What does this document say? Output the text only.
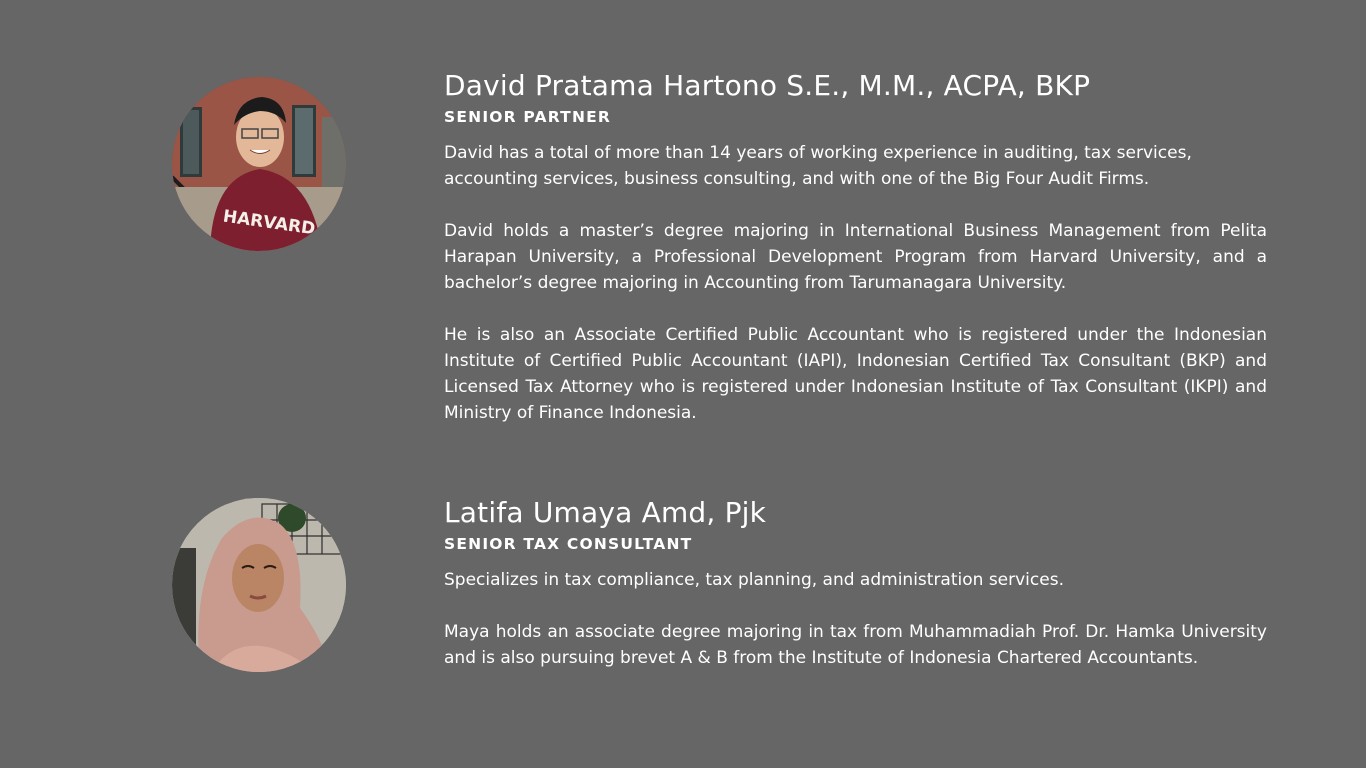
HARVARD
David Pratama Hartono S.E., M.M., ACPA, BKP
SENIOR PARTNER

David has a total of more than 14 years of working experience in auditing, tax services, accounting services, business consulting, and with one of the Big Four Audit Firms.

David holds a master’s degree majoring in International Business Management from Pelita Harapan University, a Professional Development Program from Harvard University, and a bachelor’s degree majoring in Accounting from Tarumanagara University.

He is also an Associate Certified Public Accountant who is registered under the Indonesian Institute of Certified Public Accountant (IAPI), Indonesian Certified Tax Consultant (BKP) and Licensed Tax Attorney who is registered under Indonesian Institute of Tax Consultant (IKPI) and Ministry of Finance Indonesia.

Latifa Umaya Amd, Pjk
SENIOR TAX CONSULTANT

Specializes in tax compliance, tax planning, and administration services.

Maya holds an associate degree majoring in tax from Muhammadiah Prof. Dr. Hamka University and is also pursuing brevet A & B from the Institute of Indonesia Chartered Accountants.
